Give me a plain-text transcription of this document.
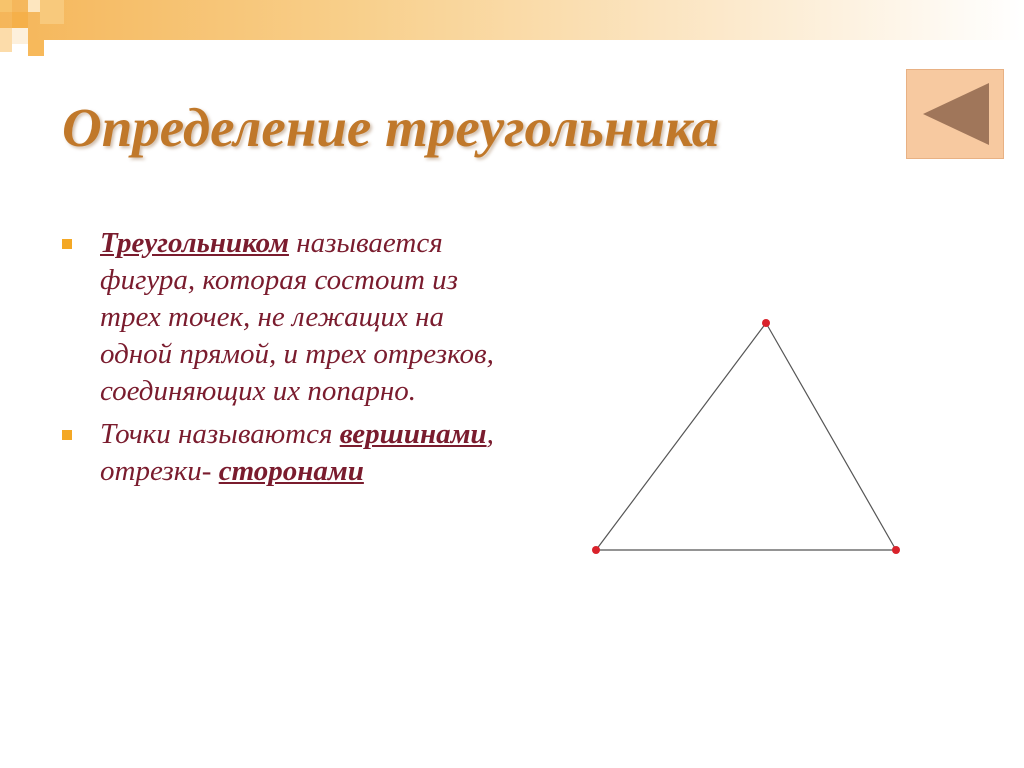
Определение треугольника
Треугольником называется фигура, которая состоит из трех точек, не лежащих на одной прямой, и трех отрезков, соединяющих их попарно.
Точки называются вершинами, отрезки- сторонами
